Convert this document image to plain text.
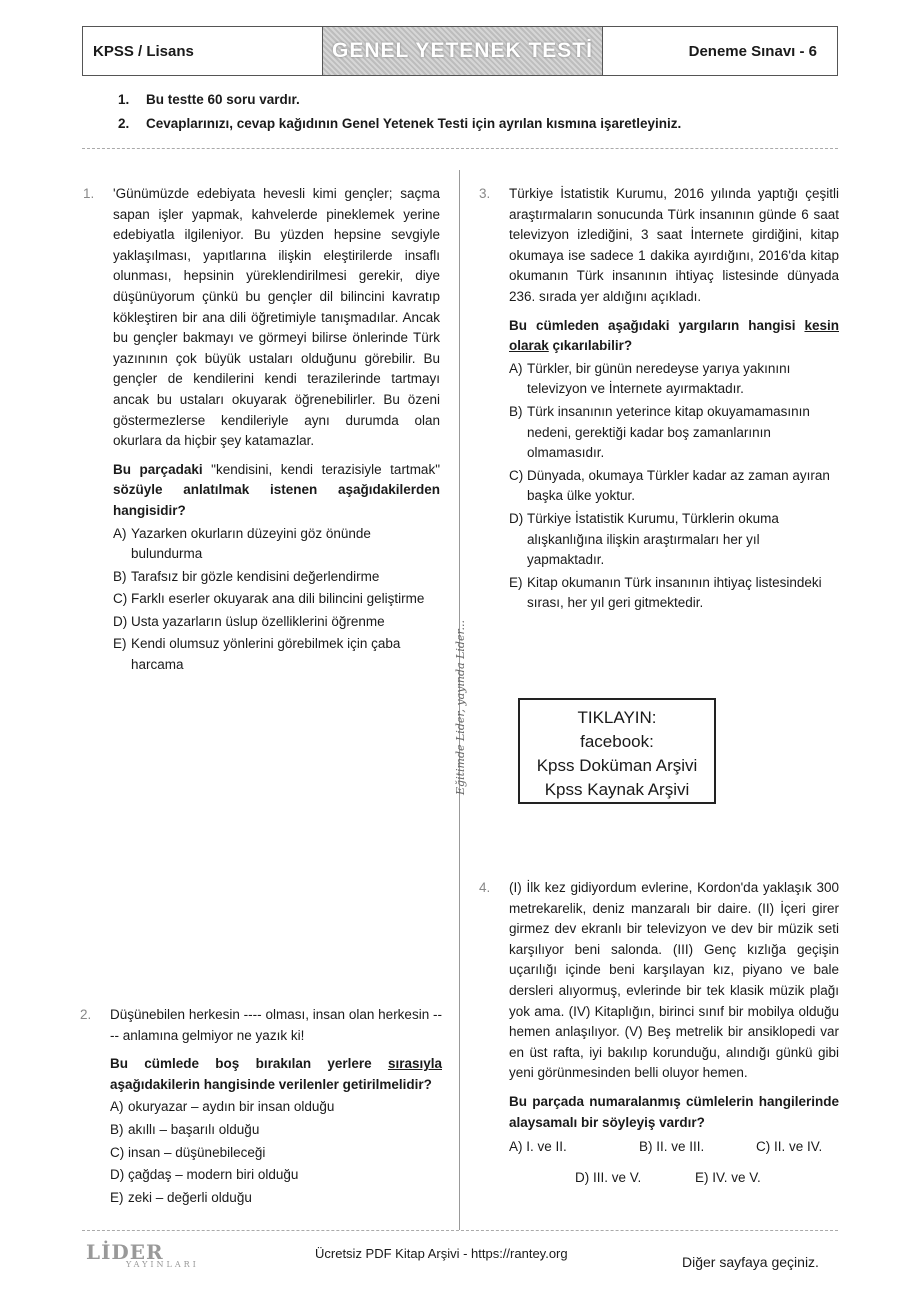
KPSS / Lisans	GENEL YETENEK TESTİ	Deneme Sınavı - 6
1. Bu testte 60 soru vardır.
2. Cevaplarınızı, cevap kağıdının Genel Yetenek Testi için ayrılan kısmına işaretleyiniz.
Eğitimde Lider, yayında Lider...
1. 'Günümüzde edebiyata hevesli kimi gençler; saçma sapan işler yapmak, kahvelerde pineklemek yerine edebiyatla ilgileniyor. Bu yüzden hepsine sevgiyle yaklaşılması, yapıtlarına ilişkin eleştirilerde insaflı olunması, hepsinin yüreklendirilmesi gerekir, diye düşünüyorum çünkü bu gençler dil bilincini kavratıp kökleştiren bir ana dili öğretimiyle tanışmadılar. Ancak bu gençler bakmayı ve görmeyi bilirse önlerinde Türk yazınının çok büyük ustaları olduğunu görebilir. Bu gençler de kendilerini kendi terazilerinde tartmayı ancak bu ustaları okuyarak öğrenebilirler. Bu özeni göstermezlerse kendileriyle aynı durumda olan okurlara da hiçbir şey katamazlar.

Bu parçadaki "kendisini, kendi terazisiyle tartmak" sözüyle anlatılmak istenen aşağıdakilerden hangisidir?

A) Yazarken okurların düzeyini göz önünde bulundurma
B) Tarafsız bir gözle kendisini değerlendirme
C) Farklı eserler okuyarak ana dili bilincini geliştirme
D) Usta yazarların üslup özelliklerini öğrenme
E) Kendi olumsuz yönlerini görebilmek için çaba harcama
2. Düşünebilen herkesin ---- olması, insan olan herkesin ---- anlamına gelmiyor ne yazık ki!

Bu cümlede boş bırakılan yerlere sırasıyla aşağıdakilerin hangisinde verilenler getirilmelidir?

A) okuryazar – aydın bir insan olduğu
B) akıllı – başarılı olduğu
C) insan – düşünebileceği
D) çağdaş – modern biri olduğu
E) zeki – değerli olduğu
3. Türkiye İstatistik Kurumu, 2016 yılında yaptığı çeşitli araştırmaların sonucunda Türk insanının günde 6 saat televizyon izlediğini, 3 saat İnternete girdiğini, kitap okumaya ise sadece 1 dakika ayırdığını, 2016'da kitap okumanın Türk insanının ihtiyaç listesinde dünyada 236. sırada yer aldığını açıkladı.

Bu cümleden aşağıdaki yargıların hangisi kesin olarak çıkarılabilir?

A) Türkler, bir günün neredeyse yarıya yakınını televizyon ve İnternete ayırmaktadır.
B) Türk insanının yeterince kitap okuyamamasının nedeni, gerektiği kadar boş zamanlarının olmamasıdır.
C) Dünyada, okumaya Türkler kadar az zaman ayıran başka ülke yoktur.
D) Türkiye İstatistik Kurumu, Türklerin okuma alışkanlığına ilişkin araştırmaları her yıl yapmaktadır.
E) Kitap okumanın Türk insanının ihtiyaç listesindeki sırası, her yıl geri gitmektedir.
TIKLAYIN:
facebook:
Kpss Doküman Arşivi
Kpss Kaynak Arşivi
4. (I) İlk kez gidiyordum evlerine, Kordon'da yaklaşık 300 metrekarelik, deniz manzaralı bir daire. (II) İçeri girer girmez dev ekranlı bir televizyon ve dev bir müzik seti karşılıyor beni salonda. (III) Genç kızlığa geçişin uçarılığı içinde beni karşılayan kız, piyano ve bale dersleri alıyormuş, evlerinde bir tek klasik müzik plağı yok ama. (IV) Kitaplığın, birinci sınıf bir mobilya olduğu hemen anlaşılıyor. (V) Beş metrelik bir ansiklopedi var en üst rafta, iyi bakılıp korunduğu, alındığı günkü gibi yeni görünmesinden belli oluyor hemen.

Bu parçada numaralanmış cümlelerin hangilerinde alaysamalı bir söyleyiş vardır?

A) I. ve II.	B) II. ve III.	C) II. ve IV.
D) III. ve V.	E) IV. ve V.
LİDER
YAYINLARI
Ücretsiz PDF Kitap Arşivi - https://rantey.org
Diğer sayfaya geçiniz.
